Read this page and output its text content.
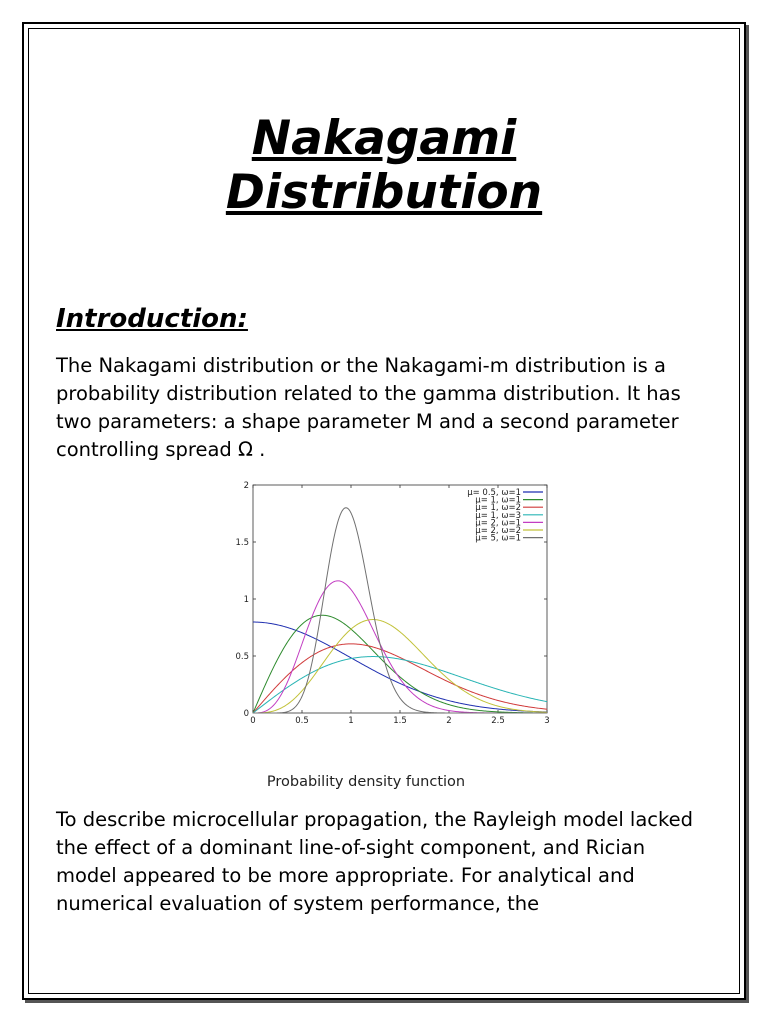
Nakagami
Distribution
Introduction:

The Nakagami distribution or the Nakagami-m distribution is a probability distribution related to the gamma distribution. It has two parameters: a shape parameter M and a second parameter controlling spread Ω .

0	0.5	1	1.5	2	2.5	3
0
0.5
1
1.5
2
μ= 0.5, ω=1
μ= 1, ω=1
μ= 1, ω=2
μ= 1, ω=3
μ= 2, ω=1
μ= 2, ω=2
μ= 5, ω=1

Probability density function

To describe microcellular propagation, the Rayleigh model lacked the effect of a dominant line-of-sight component, and Rician model appeared to be more appropriate. For analytical and numerical evaluation of system performance, the
